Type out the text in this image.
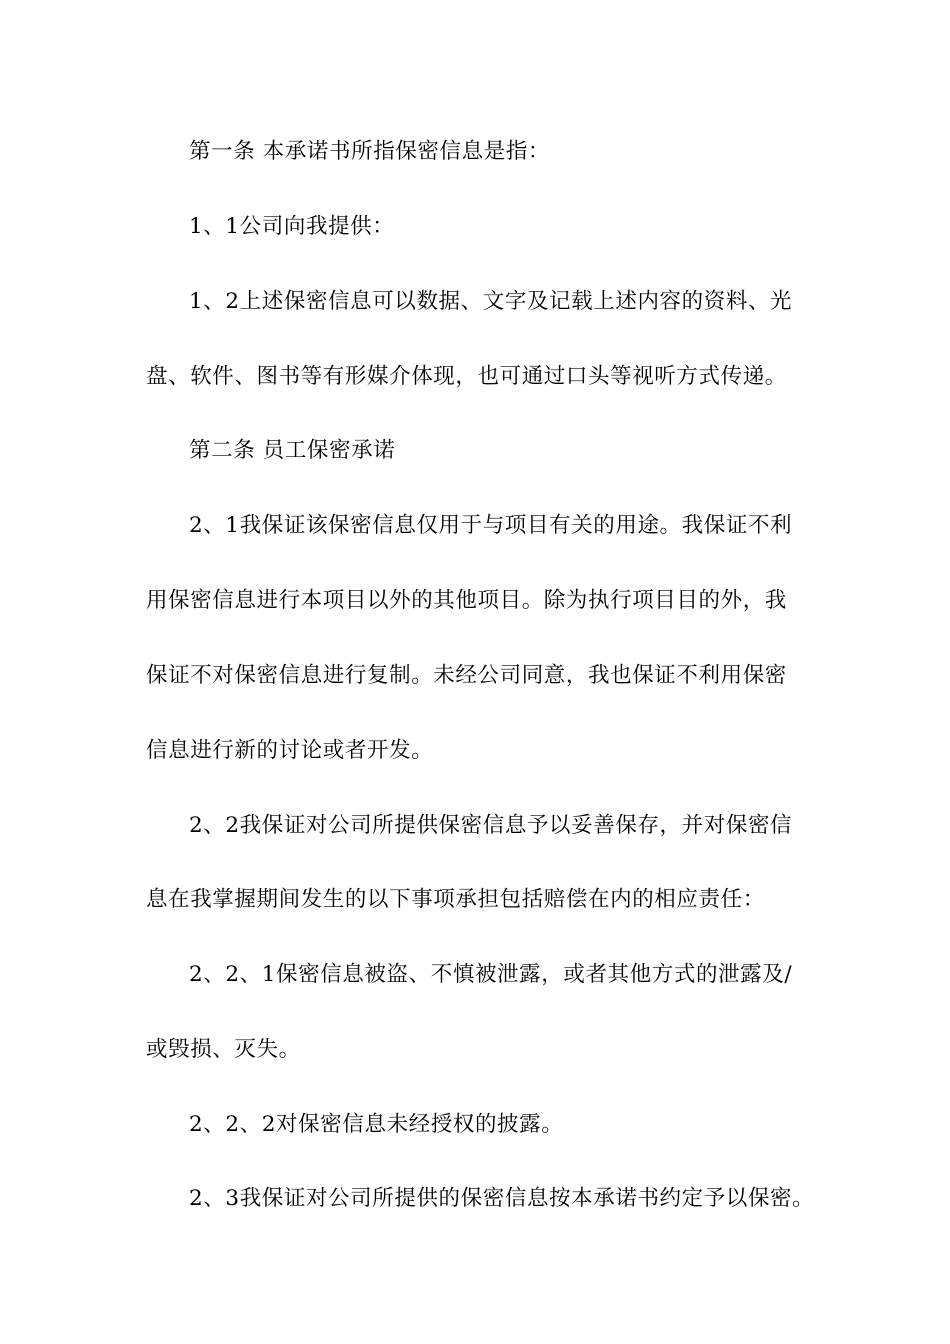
第一条 本承诺书所指保密信息是指：
1、1公司向我提供：
1、2上述保密信息可以数据、文字及记载上述内容的资料、光
盘、软件、图书等有形媒介体现，也可通过口头等视听方式传递。
第二条 员工保密承诺
2、1我保证该保密信息仅用于与项目有关的用途。我保证不利
用保密信息进行本项目以外的其他项目。除为执行项目目的外，我
保证不对保密信息进行复制。未经公司同意，我也保证不利用保密
信息进行新的讨论或者开发。
2、2我保证对公司所提供保密信息予以妥善保存，并对保密信
息在我掌握期间发生的以下事项承担包括赔偿在内的相应责任：
2、2、1保密信息被盗、不慎被泄露，或者其他方式的泄露及/
或毁损、灭失。
2、2、2对保密信息未经授权的披露。
2、3我保证对公司所提供的保密信息按本承诺书约定予以保密。
